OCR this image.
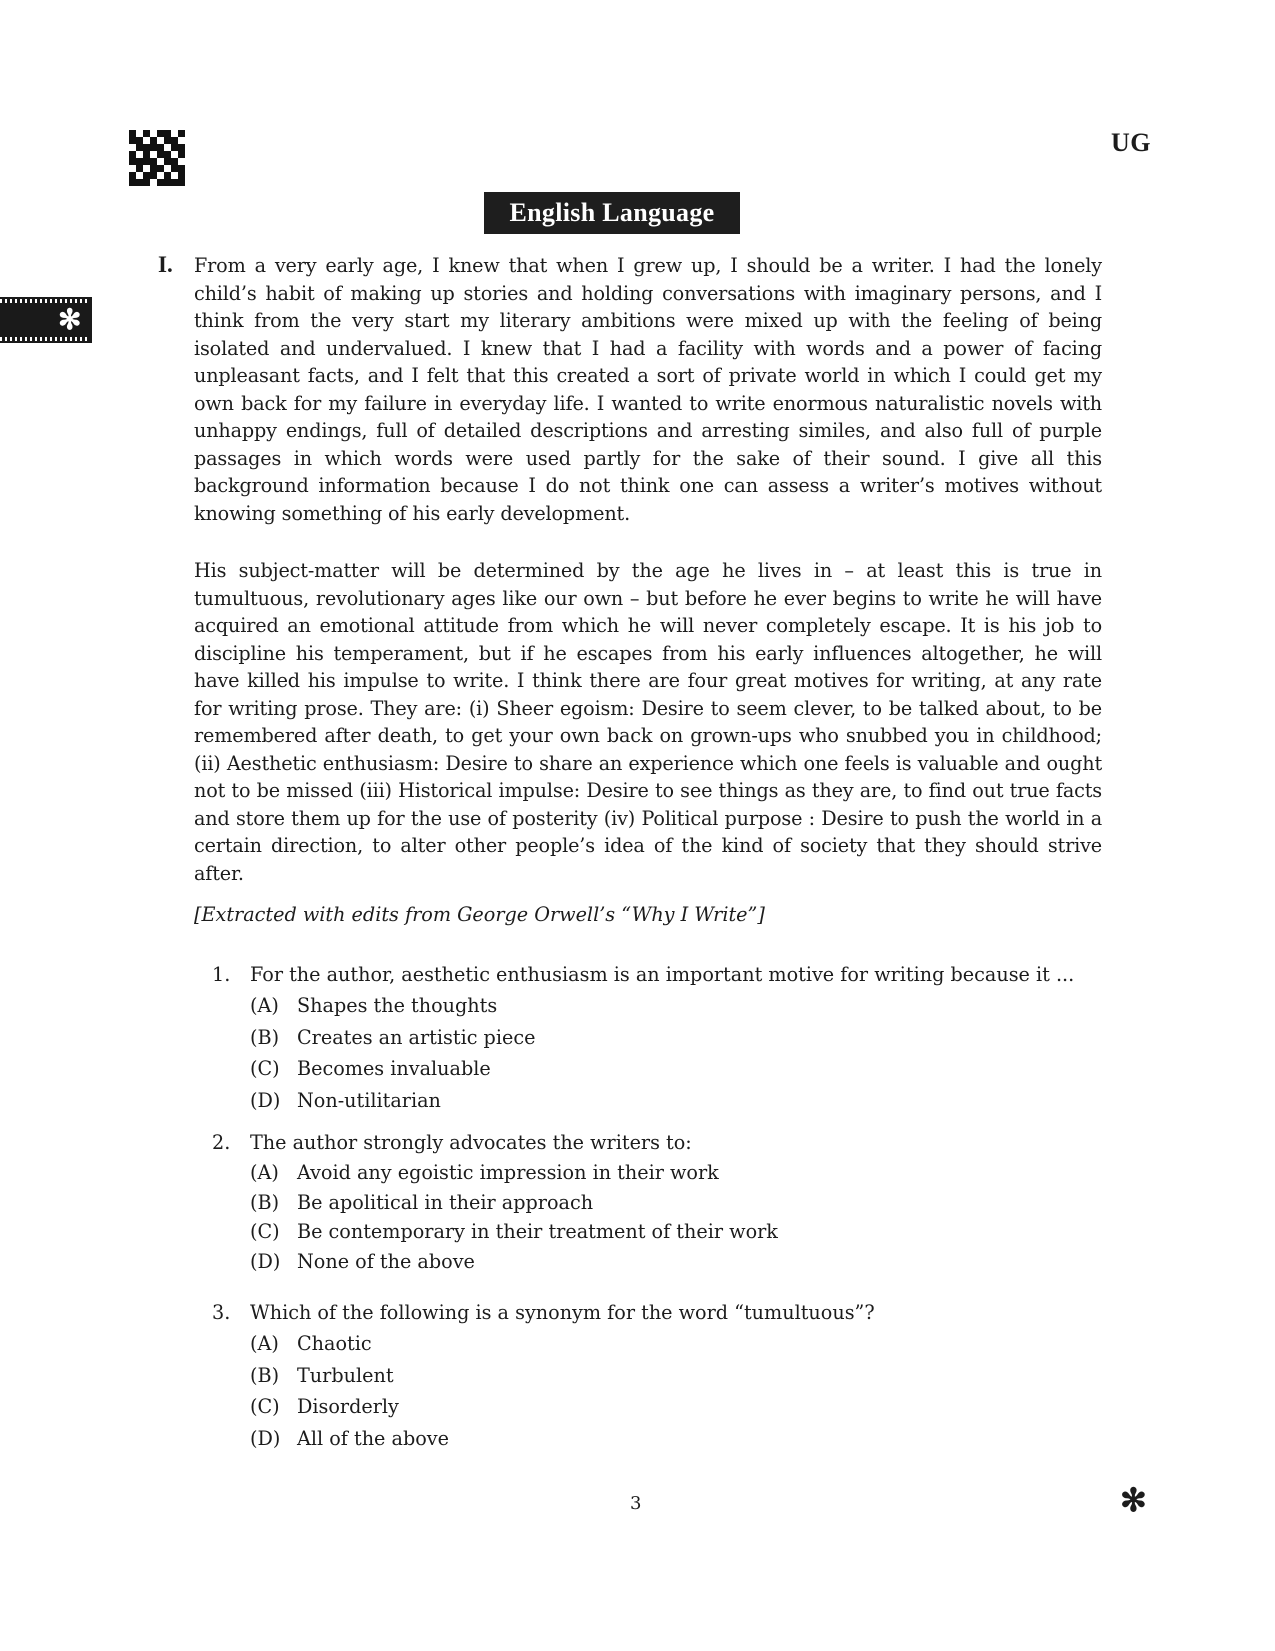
UG
English Language
✻
I. From a very early age, I knew that when I grew up, I should be a writer. I had the lonely child’s habit of making up stories and holding conversations with imaginary persons, and I think from the very start my literary ambitions were mixed up with the feeling of being isolated and undervalued. I knew that I had a facility with words and a power of facing unpleasant facts, and I felt that this created a sort of private world in which I could get my own back for my failure in everyday life. I wanted to write enormous naturalistic novels with unhappy endings, full of detailed descriptions and arresting similes, and also full of purple passages in which words were used partly for the sake of their sound. I give all this background information because I do not think one can assess a writer’s motives without knowing something of his early development.

His subject-matter will be determined by the age he lives in – at least this is true in tumultuous, revolutionary ages like our own – but before he ever begins to write he will have acquired an emotional attitude from which he will never completely escape. It is his job to discipline his temperament, but if he escapes from his early influences altogether, he will have killed his impulse to write. I think there are four great motives for writing, at any rate for writing prose. They are: (i) Sheer egoism: Desire to seem clever, to be talked about, to be remembered after death, to get your own back on grown-ups who snubbed you in childhood; (ii) Aesthetic enthusiasm: Desire to share an experience which one feels is valuable and ought not to be missed (iii) Historical impulse: Desire to see things as they are, to find out true facts and store them up for the use of posterity (iv) Political purpose : Desire to push the world in a certain direction, to alter other people’s idea of the kind of society that they should strive after.

[Extracted with edits from George Orwell’s “Why I Write”]
1.	For the author, aesthetic enthusiasm is an important motive for writing because it ...
(A) Shapes the thoughts
(B) Creates an artistic piece
(C) Becomes invaluable
(D) Non-utilitarian
2.	The author strongly advocates the writers to:
(A) Avoid any egoistic impression in their work
(B) Be apolitical in their approach
(C) Be contemporary in their treatment of their work
(D) None of the above
3.	Which of the following is a synonym for the word “tumultuous”?
(A) Chaotic
(B) Turbulent
(C) Disorderly
(D) All of the above
3	✻
